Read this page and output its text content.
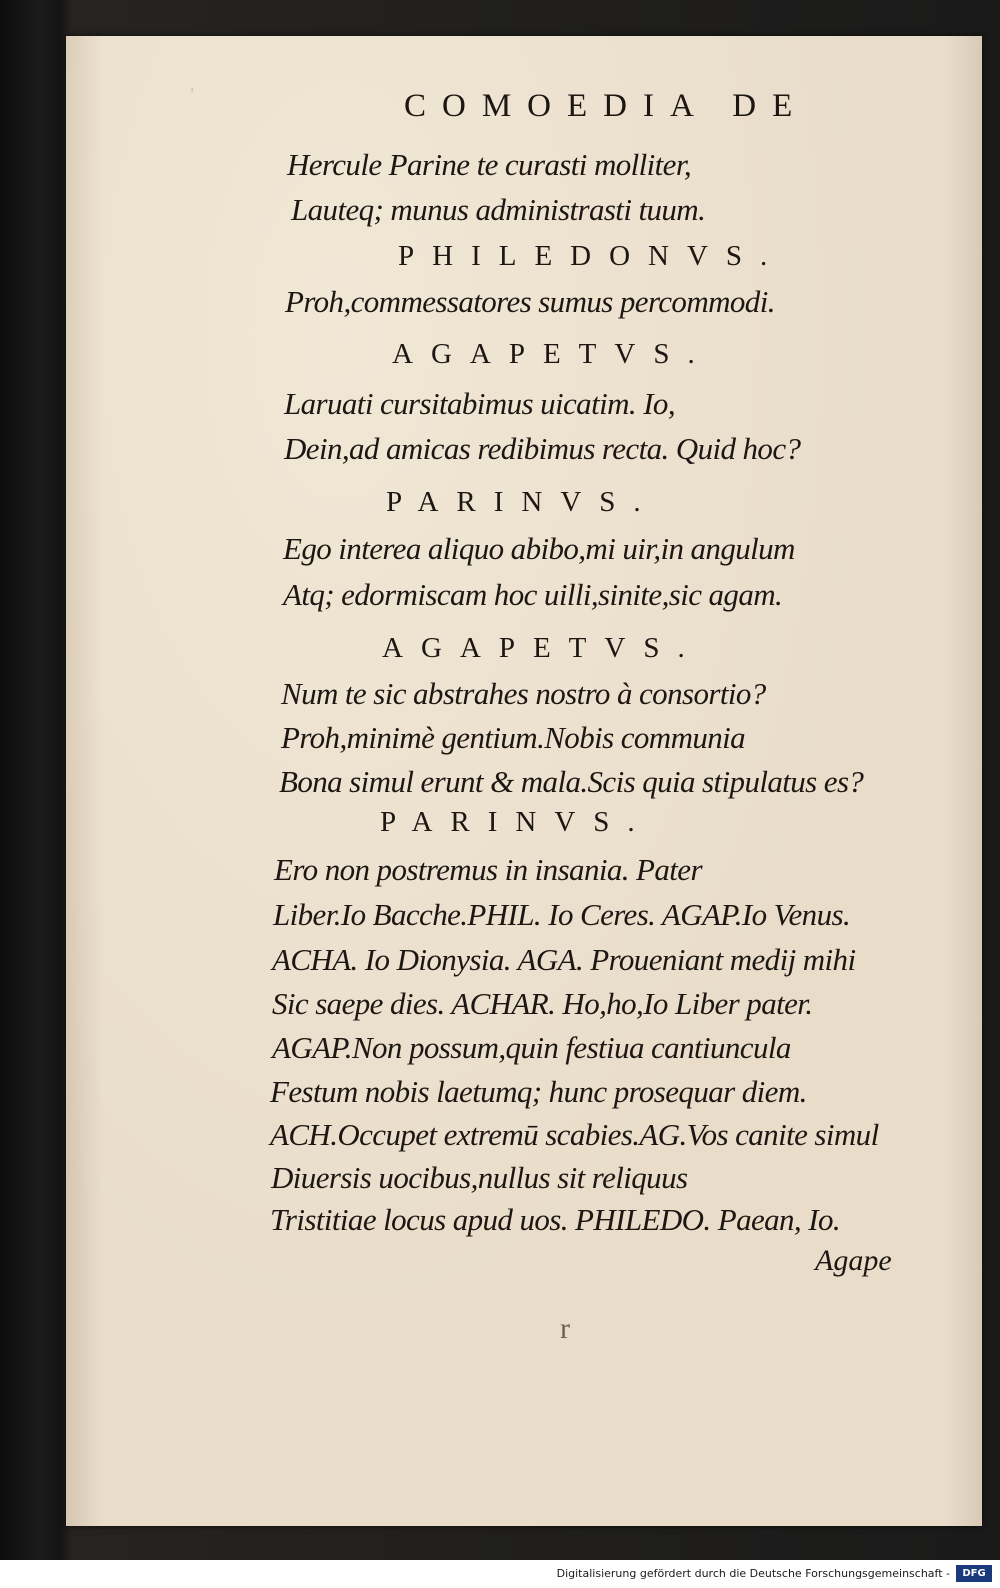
,
COMOEDIA DE
Hercule Parine te curasti molliter,
Lauteq; munus administrasti tuum.
PHILEDONVS.
Proh,commessatores sumus percommodi.
AGAPETVS.
Laruati cursitabimus uicatim. Io,
Dein,ad amicas redibimus recta. Quid hoc?
PARINVS.
Ego interea aliquo abibo,mi uir,in angulum
Atq; edormiscam hoc uilli,sinite,sic agam.
AGAPETVS.
Num te sic abstrahes nostro à consortio?
Proh,minimè gentium.Nobis communia
Bona simul erunt & mala.Scis quia stipulatus es?
PARINVS.
Ero non postremus in insania. Pater
Liber.Io Bacche.PHIL. Io Ceres. AGAP.Io Venus.
ACHA. Io Dionysia. AGA. Proueniant medij mihi
Sic saepe dies. ACHAR. Ho,ho,Io Liber pater.
AGAP.Non possum,quin festiua cantiuncula
Festum nobis laetumq; hunc prosequar diem.
ACH.Occupet extremū scabies.AG.Vos canite simul
Diuersis uocibus,nullus sit reliquus
Tristitiae locus apud uos. PHILEDO. Paean, Io.
Agape
r
Digitalisierung gefördert durch die Deutsche Forschungsgemeinschaft -	DFG
